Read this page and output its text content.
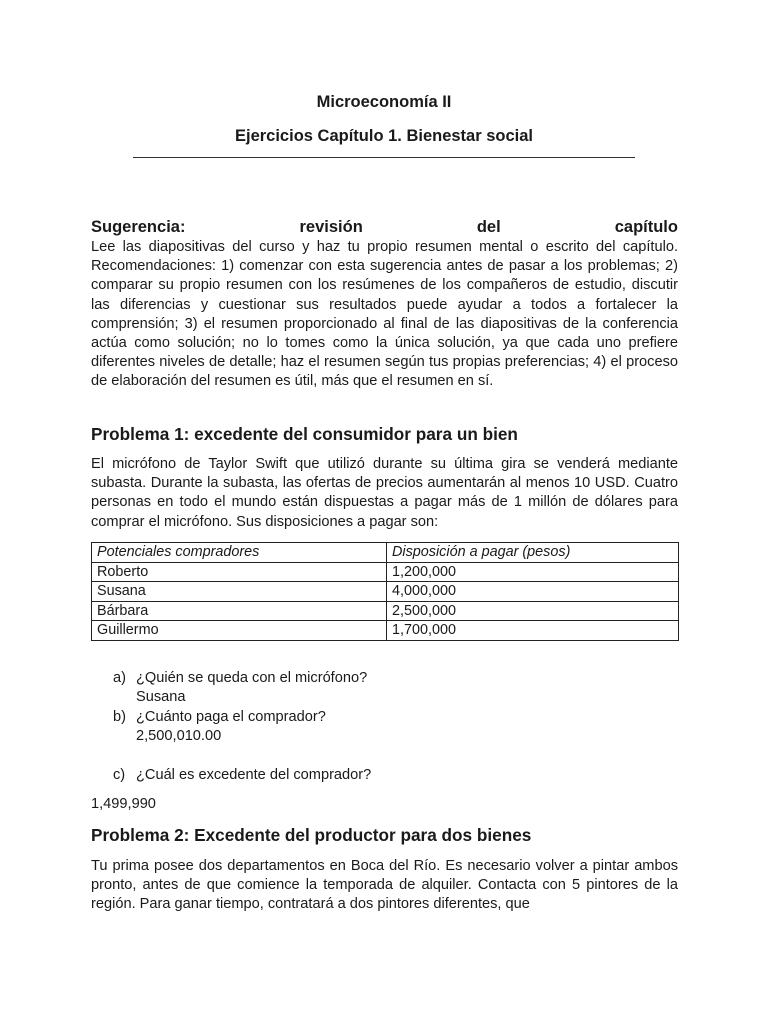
Microeconomía II
Ejercicios Capítulo 1. Bienestar social
Sugerencia:	revisión	del	capítulo
Lee las diapositivas del curso y haz tu propio resumen mental o escrito del capítulo. Recomendaciones: 1) comenzar con esta sugerencia antes de pasar a los problemas; 2) comparar su propio resumen con los resúmenes de los compañeros de estudio, discutir las diferencias y cuestionar sus resultados puede ayudar a todos a fortalecer la comprensión; 3) el resumen proporcionado al final de las diapositivas de la conferencia actúa como solución; no lo tomes como la única solución, ya que cada uno prefiere diferentes niveles de detalle; haz el resumen según tus propias preferencias; 4) el proceso de elaboración del resumen es útil, más que el resumen en sí.
Problema 1: excedente del consumidor para un bien
El micrófono de Taylor Swift que utilizó durante su última gira se venderá mediante subasta. Durante la subasta, las ofertas de precios aumentarán al menos 10 USD. Cuatro personas en todo el mundo están dispuestas a pagar más de 1 millón de dólares para comprar el micrófono. Sus disposiciones a pagar son:
Potenciales compradores	Disposición a pagar (pesos)
Roberto	1,200,000
Susana	4,000,000
Bárbara	2,500,000
Guillermo	1,700,000
a) ¿Quién se queda con el micrófono?
Susana
b) ¿Cuánto paga el comprador?
2,500,010.00
c) ¿Cuál es excedente del comprador?
1,499,990
Problema 2: Excedente del productor para dos bienes
Tu prima posee dos departamentos en Boca del Río. Es necesario volver a pintar ambos pronto, antes de que comience la temporada de alquiler. Contacta con 5 pintores de la región. Para ganar tiempo, contratará a dos pintores diferentes, que
